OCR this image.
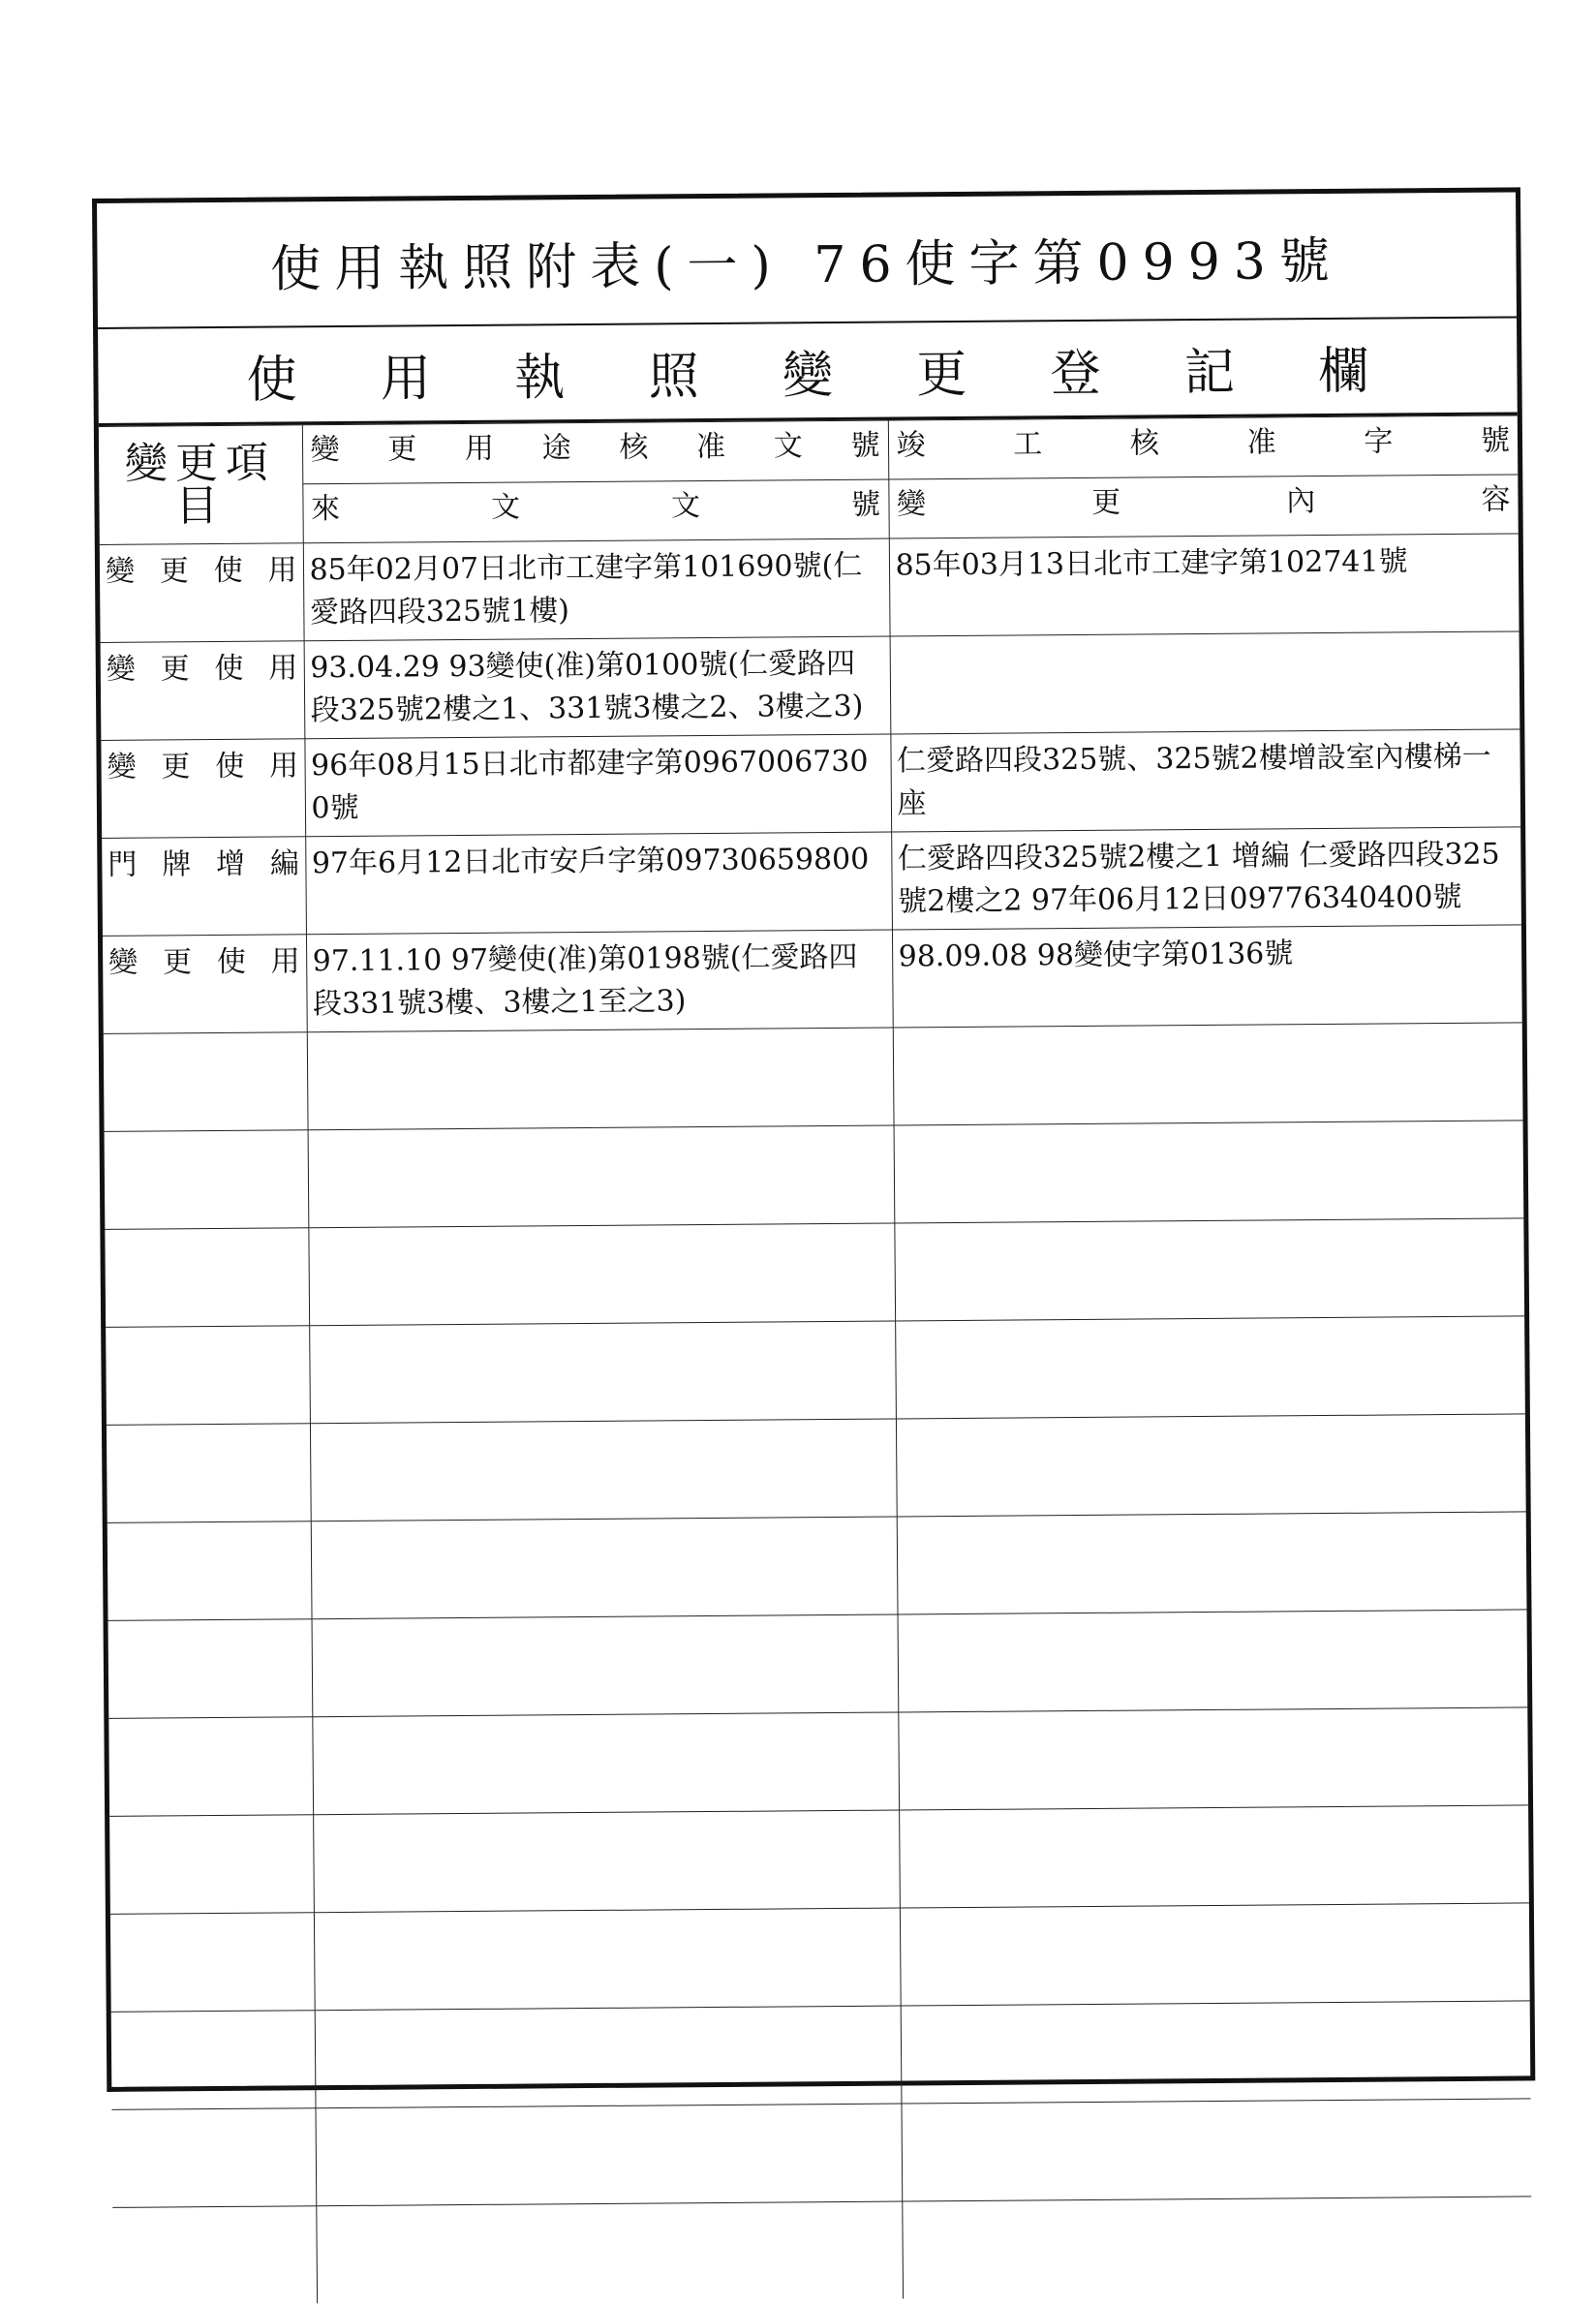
使用執照附表(一) 76使字第0993號
使 用 執 照 變 更 登 記 欄
變更項目	變更用途核准文號	竣工核准字號
	來文文號	變更內容
變更使用	85年02月07日北市工建字第101690號(仁愛路四段325號1樓)	85年03月13日北市工建字第102741號
變更使用	93.04.29 93變使(准)第0100號(仁愛路四段325號2樓之1、331號3樓之2、3樓之3)	
變更使用	96年08月15日北市都建字第0967006730 0號	仁愛路四段325號、325號2樓增設室內樓梯一座
門牌增編	97年6月12日北市安戶字第09730659800	仁愛路四段325號2樓之1 增編 仁愛路四段325號2樓之2 97年06月12日09776340400號
變更使用	97.11.10 97變使(准)第0198號(仁愛路四段331號3樓、3樓之1至之3)	98.09.08 98變使字第0136號
